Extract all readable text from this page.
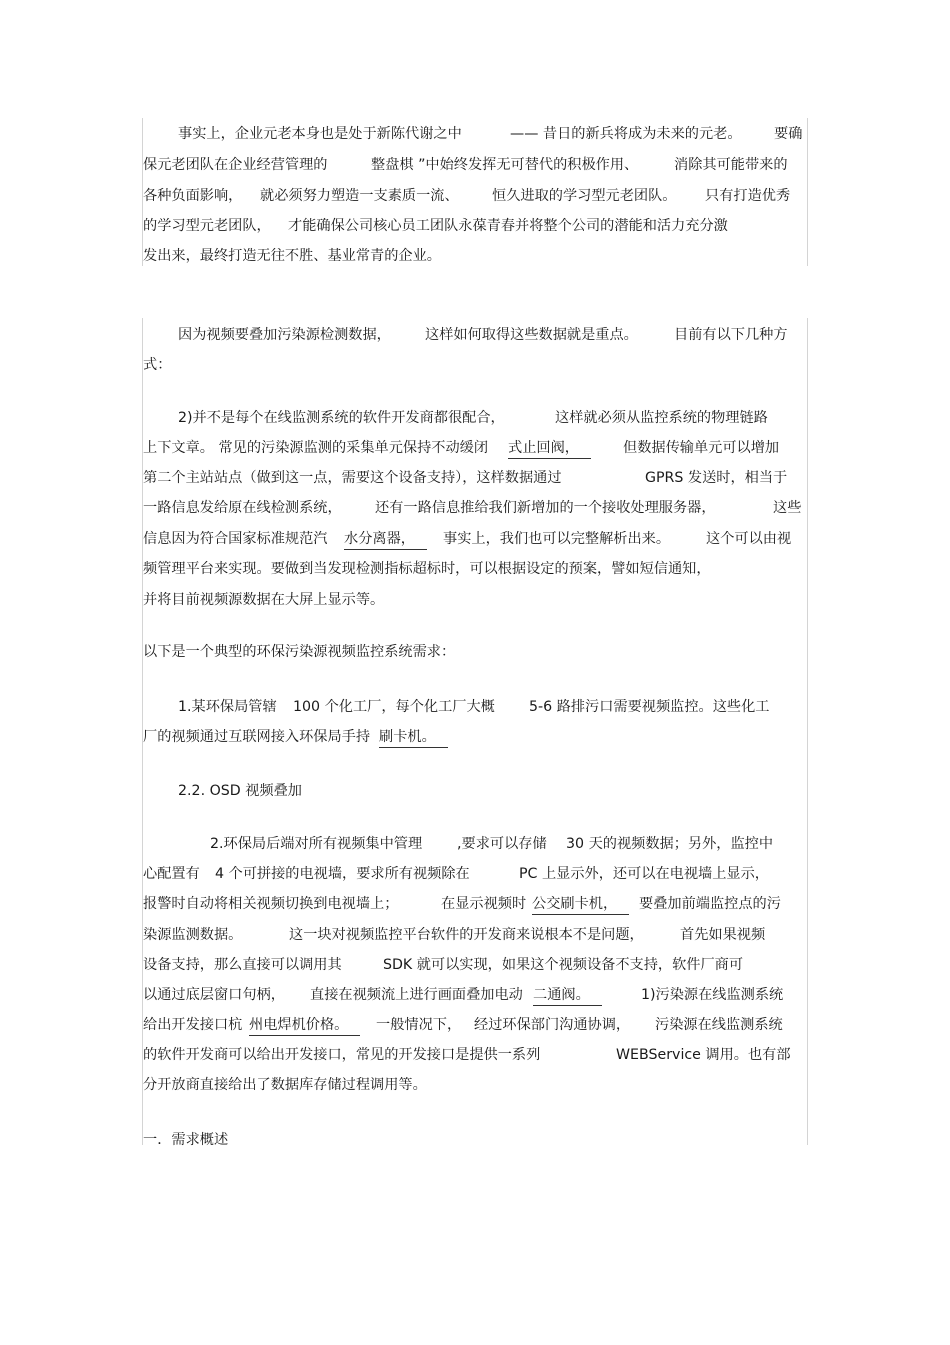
事实上，企业元老本身也是处于新陈代谢之中	—— 昔日的新兵将成为未来的元老。 要确
保元老团队在企业经营管理的	整盘棋 ”中始终发挥无可替代的积极作用、	消除其可能带来的
各种负面影响， 就必须努力塑造一支素质一流、 恒久进取的学习型元老团队。 只有打造优秀
的学习型元老团队， 才能确保公司核心员工团队永葆青春并将整个公司的潜能和活力充分激
发出来，最终打造无往不胜、基业常青的企业。
因为视频要叠加污染源检测数据， 这样如何取得这些数据就是重点。	目前有以下几种方
式：
2)并不是每个在线监测系统的软件开发商都很配合，	这样就必须从监控系统的物理链路
上下文章。 常见的污染源监测的采集单元保持不动缓闭 式止回阀，	但数据传输单元可以增加
第二个主站站点（做到这一点，需要这个设备支持），这样数据通过	GPRS 发送时，相当于
一路信息发给原在线检测系统， 还有一路信息推给我们新增加的一个接收处理服务器，	这些
信息因为符合国家标准规范汽 水分离器，	事实上，我们也可以完整解析出来。	这个可以由视
频管理平台来实现。要做到当发现检测指标超标时，可以根据设定的预案，譬如短信通知，
并将目前视频源数据在大屏上显示等。
以下是一个典型的环保污染源视频监控系统需求：
1.某环保局管辖 100 个化工厂，每个化工厂大概 5-6 路排污口需要视频监控。这些化工
厂的视频通过互联网接入环保局手持 刷卡机。
2.2. OSD 视频叠加
2.环保局后端对所有视频集中管理 ,要求可以存储 30 天的视频数据；另外，监控中
心配置有 4 个可拼接的电视墙，要求所有视频除在	PC 上显示外，还可以在电视墙上显示，
报警时自动将相关视频切换到电视墙上；	在显示视频时 公交刷卡机，	要叠加前端监控点的污
染源监测数据。	这一块对视频监控平台软件的开发商来说根本不是问题，	首先如果视频
设备支持，那么直接可以调用其	SDK 就可以实现，如果这个视频设备不支持，软件厂商可
以通过底层窗口句柄， 直接在视频流上进行画面叠加电动 二通阀。	1)污染源在线监测系统
给出开发接口杭 州电焊机价格。	一般情况下， 经过环保部门沟通协调， 污染源在线监测系统
的软件开发商可以给出开发接口，常见的开发接口是提供一系列	WEBService 调用。也有部
分开放商直接给出了数据库存储过程调用等。
一．需求概述
